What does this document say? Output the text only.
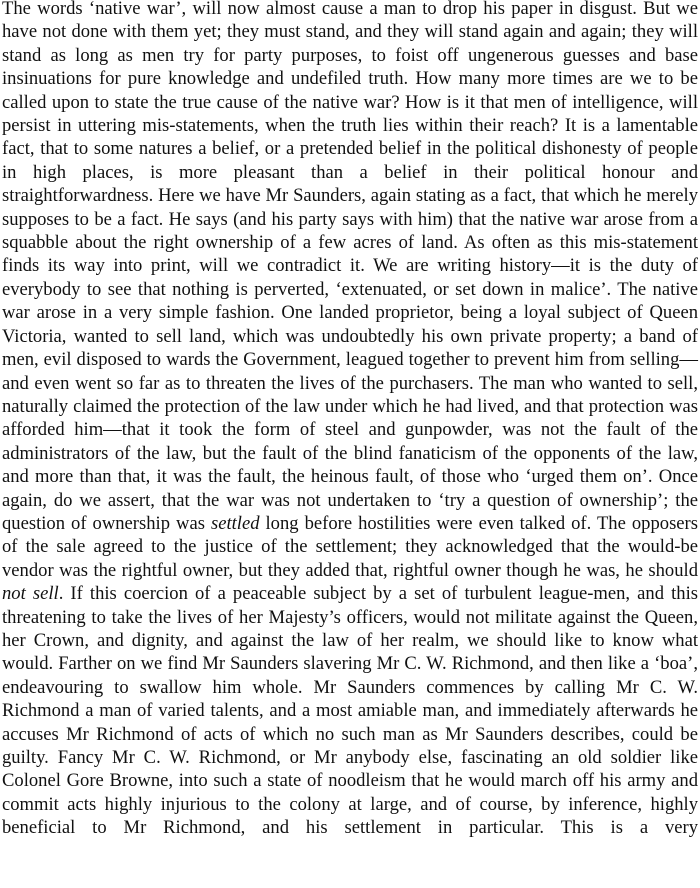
The words ‘native war’, will now almost cause a man to drop his paper in disgust. But we have not done with them yet; they must stand, and they will stand again and again; they will stand as long as men try for party purposes, to foist off ungenerous guesses and base insinuations for pure knowledge and undefiled truth. How many more times are we to be called upon to state the true cause of the native war? How is it that men of intelligence, will persist in uttering mis-statements, when the truth lies within their reach? It is a lamentable fact, that to some natures a belief, or a pretended belief in the political dishonesty of people in high places, is more pleasant than a belief in their political honour and straightforwardness. Here we have Mr Saunders, again stating as a fact, that which he merely supposes to be a fact. He says (and his party says with him) that the native war arose from a squabble about the right ownership of a few acres of land. As often as this mis-statement finds its way into print, will we contradict it. We are writing history—it is the duty of everybody to see that nothing is perverted, ‘extenuated, or set down in malice’. The native war arose in a very simple fashion. One landed proprietor, being a loyal subject of Queen Victoria, wanted to sell land, which was undoubtedly his own private property; a band of men, evil disposed to wards the Government, leagued together to prevent him from selling—and even went so far as to threaten the lives of the purchasers. The man who wanted to sell, naturally claimed the protection of the law under which he had lived, and that protection was afforded him—that it took the form of steel and gunpowder, was not the fault of the administrators of the law, but the fault of the blind fanaticism of the opponents of the law, and more than that, it was the fault, the heinous fault, of those who ‘urged them on’. Once again, do we assert, that the war was not undertaken to ‘try a question of ownership’; the question of ownership was settled long before hostilities were even talked of. The opposers of the sale agreed to the justice of the settlement; they acknowledged that the would-be vendor was the rightful owner, but they added that, rightful owner though he was, he should not sell. If this coercion of a peaceable subject by a set of turbulent league-men, and this threatening to take the lives of her Majesty’s officers, would not militate against the Queen, her Crown, and dignity, and against the law of her realm, we should like to know what would. Farther on we find Mr Saunders slavering Mr C. W. Richmond, and then like a ‘boa’, endeavouring to swallow him whole. Mr Saunders commences by calling Mr C. W. Richmond a man of varied talents, and a most amiable man, and immediately afterwards he accuses Mr Richmond of acts of which no such man as Mr Saunders describes, could be guilty. Fancy Mr C. W. Richmond, or Mr anybody else, fascinating an old soldier like Colonel Gore Browne, into such a state of noodleism that he would march off his army and commit acts highly injurious to the colony at large, and of course, by inference, highly beneficial to Mr Richmond, and his settlement in particular. This is a very
